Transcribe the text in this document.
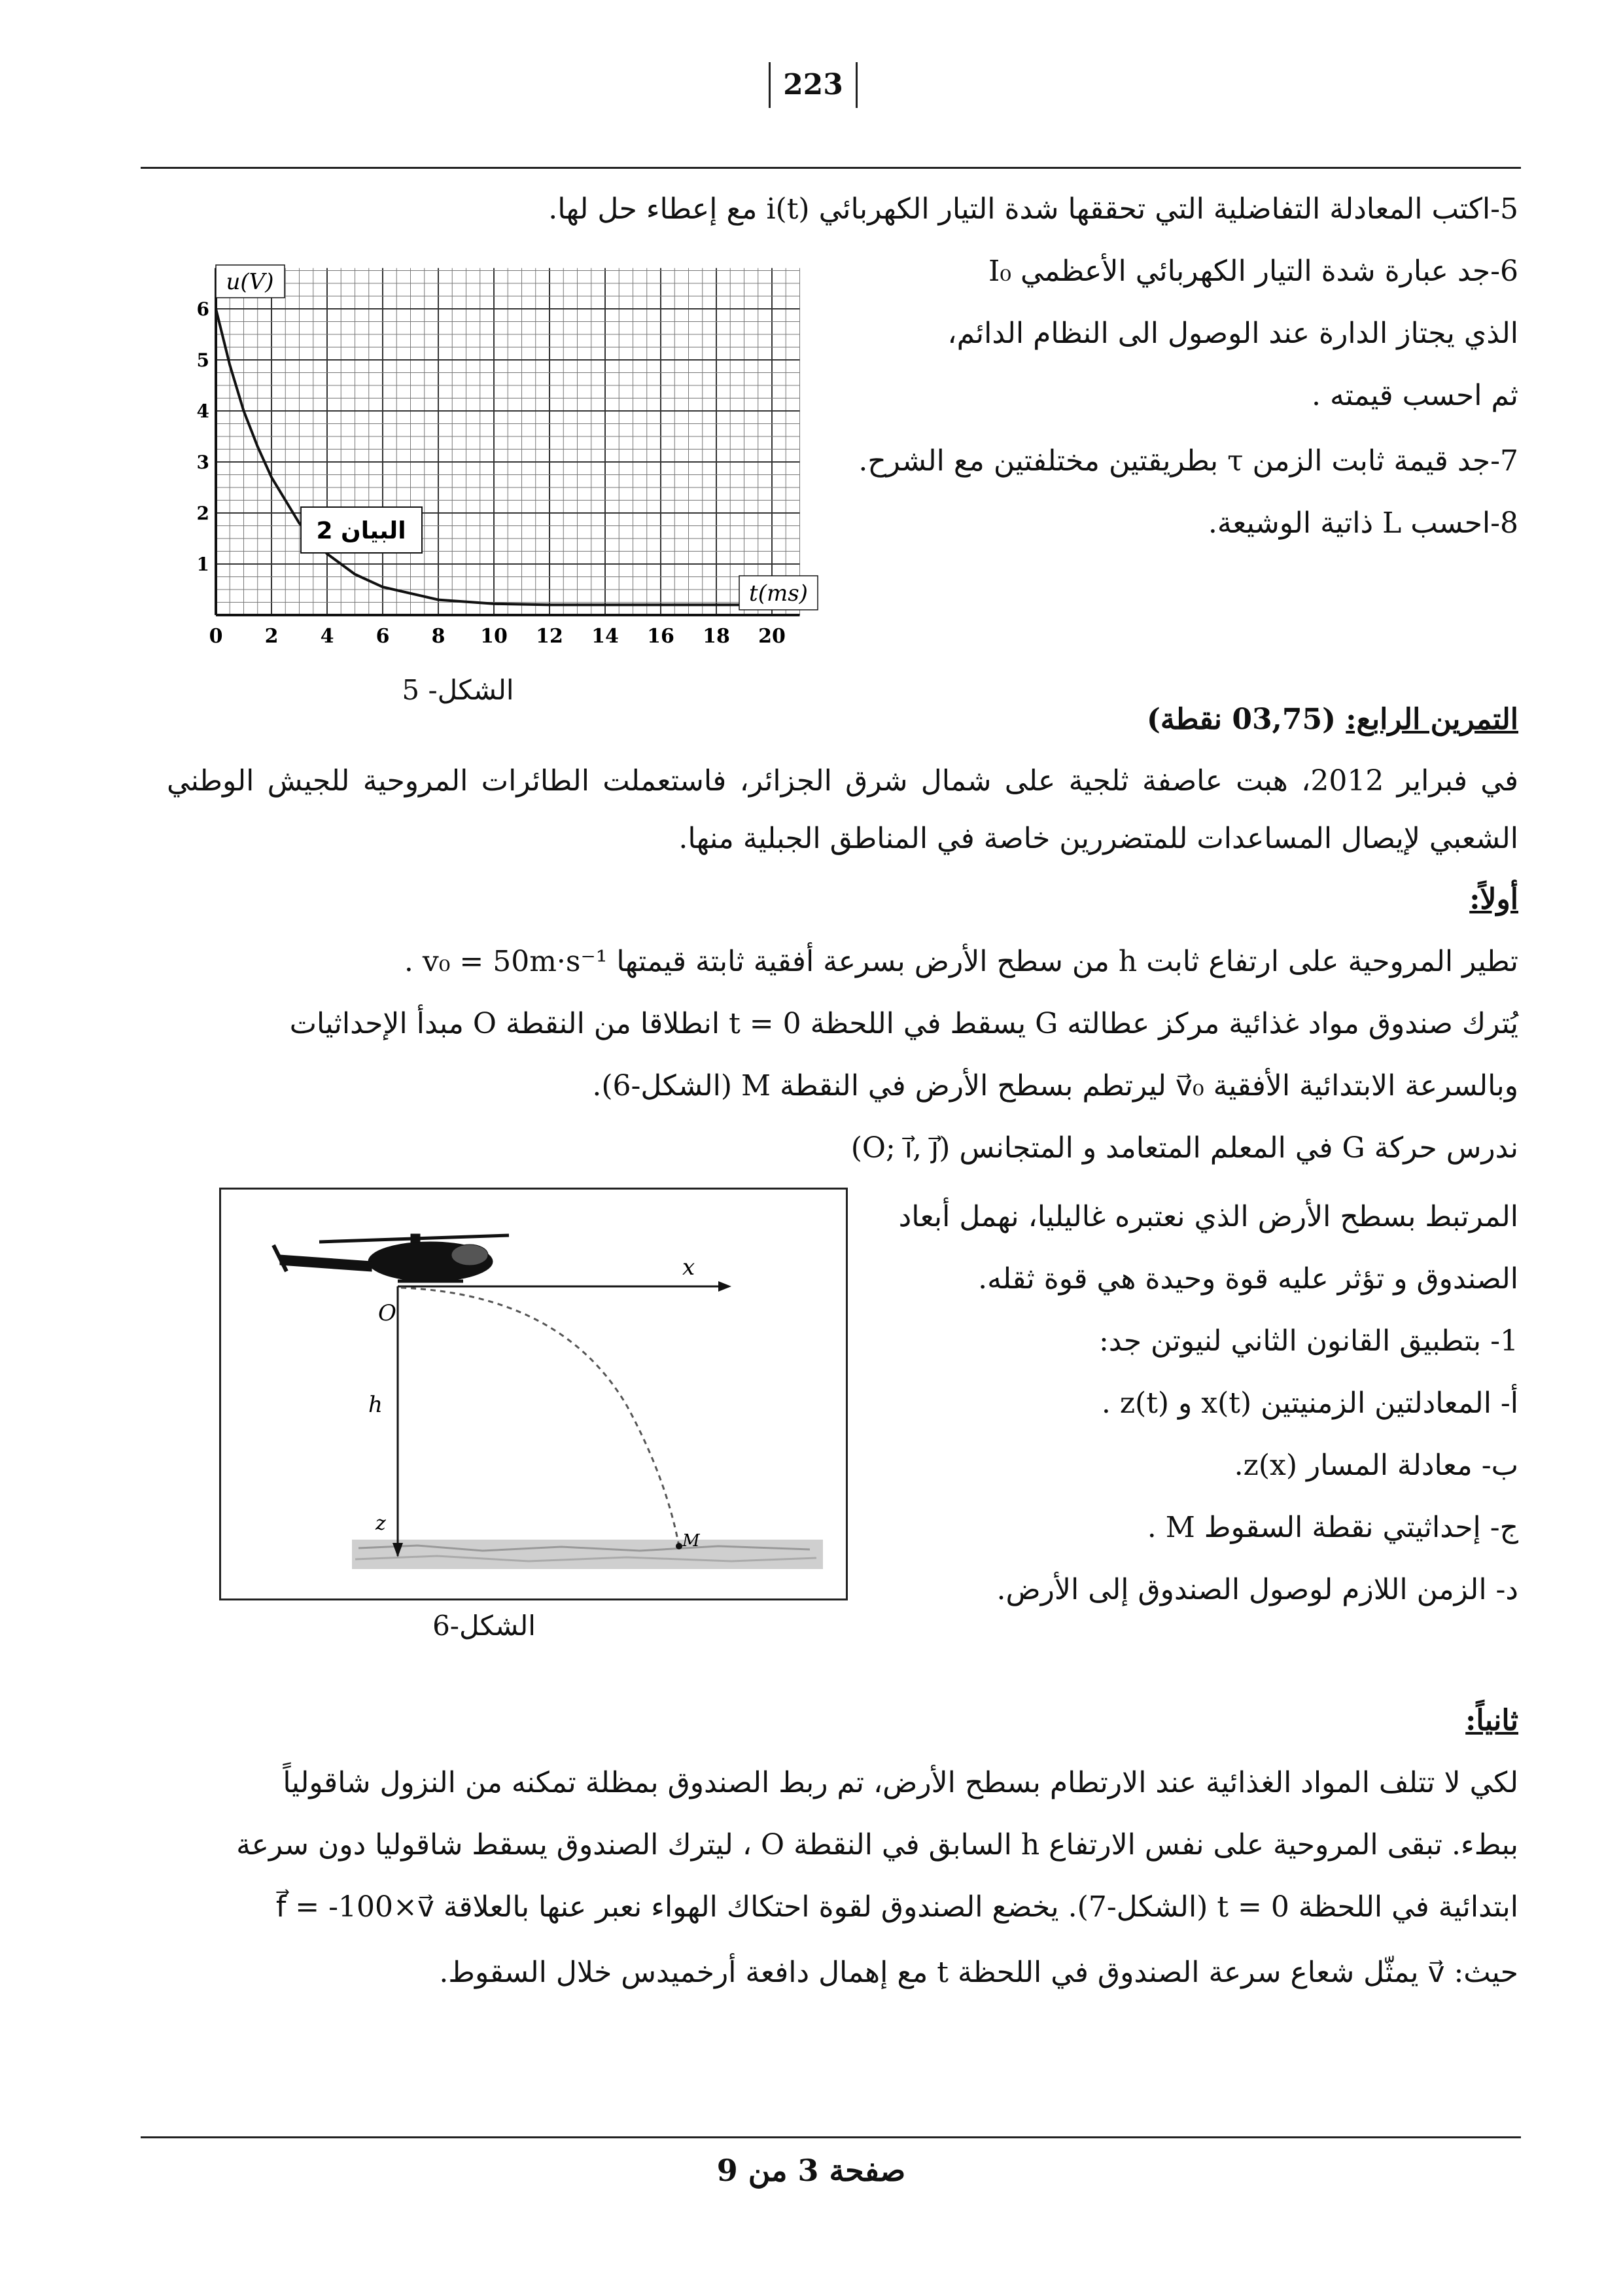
223
5-اكتب المعادلة التفاضلية التي تحققها شدة التيار الكهربائي i(t) مع إعطاء حل لها.
6-جد عبارة شدة التيار الكهربائي الأعظمي I₀
الذي يجتاز الدارة عند الوصول الى النظام الدائم،
ثم احسب قيمته .
7-جد قيمة ثابت الزمن τ بطريقتين مختلفتين مع الشرح.
8-احسب L ذاتية الوشيعة.
0 2 4 6 8 10 12 14 16 18 20
1
2
3
4
5
6
البيان 2
u(V)
t(ms)
الشكل- 5
التمرين الرابع: (03,75 نقطة)
في فبراير 2012، هبت عاصفة ثلجية على شمال شرق الجزائر، فاستعملت الطائرات المروحية للجيش الوطني الشعبي لإيصال المساعدات للمتضررين خاصة في المناطق الجبلية منها.
أولاً:
تطير المروحية على ارتفاع ثابت h من سطح الأرض بسرعة أفقية ثابتة قيمتها v₀ = 50m·s⁻¹ .
يُترك صندوق مواد غذائية مركز عطالته G يسقط في اللحظة t = 0 انطلاقا من النقطة O مبدأ الإحداثيات
وبالسرعة الابتدائية الأفقية v⃗₀ ليرتطم بسطح الأرض في النقطة M (الشكل-6).
ندرس حركة G في المعلم المتعامد و المتجانس (O; i⃗, j⃗)
المرتبط بسطح الأرض الذي نعتبره غاليليا، نهمل أبعاد
الصندوق و تؤثر عليه قوة وحيدة هي قوة ثقله.
1- بتطبيق القانون الثاني لنيوتن جد:
أ- المعادلتين الزمنيتين x(t) و z(t) .
ب- معادلة المسار z(x).
ج- إحداثيتي نقطة السقوط M .
د- الزمن اللازم لوصول الصندوق إلى الأرض.
x
O
h
z
M
الشكل-6
ثانياً:
لكي لا تتلف المواد الغذائية عند الارتطام بسطح الأرض، تم ربط الصندوق بمظلة تمكنه من النزول شاقولياً
ببطء. تبقى المروحية على نفس الارتفاع h السابق في النقطة O ، ليترك الصندوق يسقط شاقوليا دون سرعة
ابتدائية في اللحظة t = 0 (الشكل-7). يخضع الصندوق لقوة احتكاك الهواء نعبر عنها بالعلاقة f⃗ = -100×v⃗
حيث: v⃗ يمثّل شعاع سرعة الصندوق في اللحظة t مع إهمال دافعة أرخميدس خلال السقوط.
صفحة 3 من 9
